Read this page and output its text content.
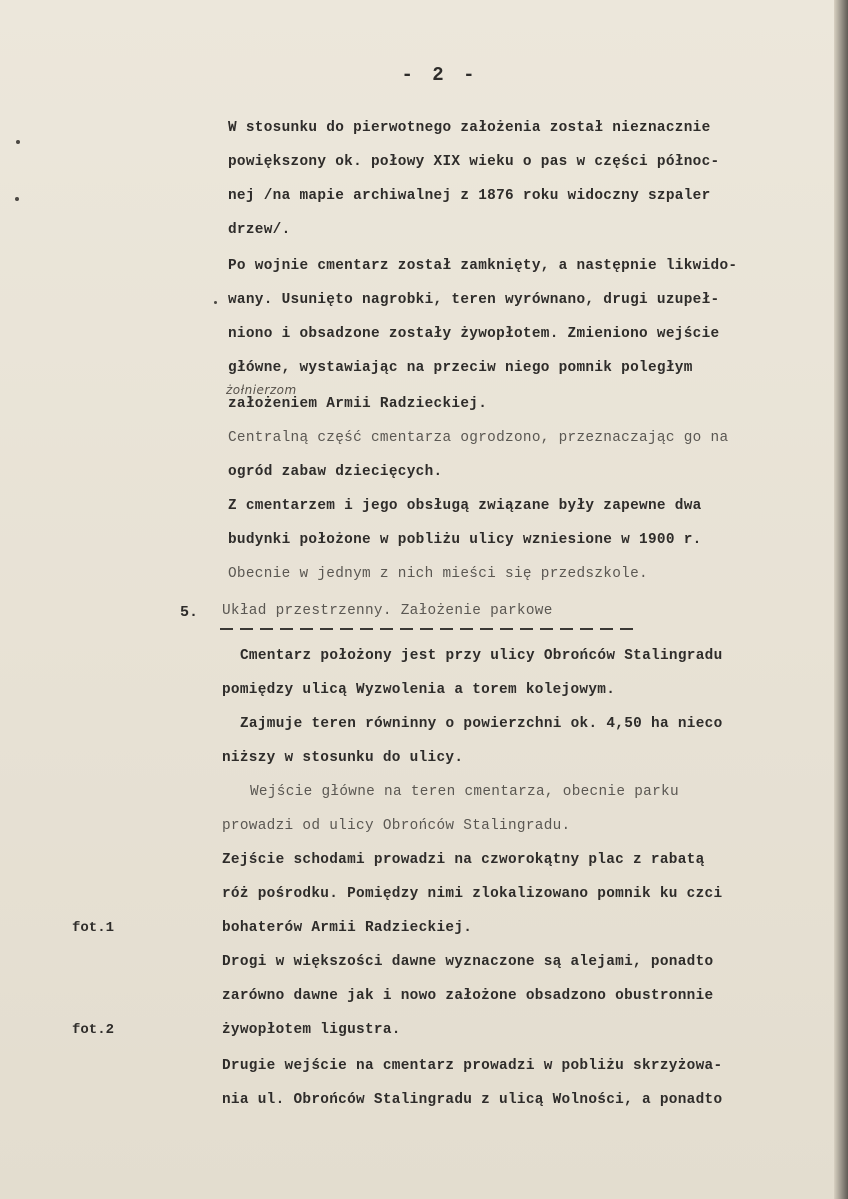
- 2 -
W stosunku do pierwotnego założenia został nieznacznie
powiększony ok. połowy XIX wieku o pas w części północ-
nej /na mapie archiwalnej z 1876 roku widoczny szpaler
drzew/.
Po wojnie cmentarz został zamknięty, a następnie likwido-
wany. Usunięto nagrobki, teren wyrównano, drugi uzupeł-
niono i obsadzone zostały żywopłotem. Zmieniono wejście
główne, wystawiając na przeciw niego pomnik poległym
żołnierzom
założeniem Armii Radzieckiej.
Centralną część cmentarza ogrodzono, przeznaczając go na
ogród zabaw dziecięcych.
Z cmentarzem i jego obsługą związane były zapewne dwa
budynki położone w pobliżu ulicy wzniesione w 1900 r.
Obecnie w jednym z nich mieści się przedszkole.
5. Układ przestrzenny. Założenie parkowe
Cmentarz położony jest przy ulicy Obrońców Stalingradu
pomiędzy ulicą Wyzwolenia a torem kolejowym.
Zajmuje teren równinny o powierzchni ok. 4,50 ha nieco
niższy w stosunku do ulicy.
Wejście główne na teren cmentarza, obecnie parku
prowadzi od ulicy Obrońców Stalingradu.
Zejście schodami prowadzi na czworokątny plac z rabatą
róż pośrodku. Pomiędzy nimi zlokalizowano pomnik ku czci
fot.1	bohaterów Armii Radzieckiej.
Drogi w większości dawne wyznaczone są alejami, ponadto
zarówno dawne jak i nowo założone obsadzono obustronnie
fot.2	żywopłotem ligustra.
Drugie wejście na cmentarz prowadzi w pobliżu skrzyżowa-
nia ul. Obrońców Stalingradu z ulicą Wolności, a ponadto
